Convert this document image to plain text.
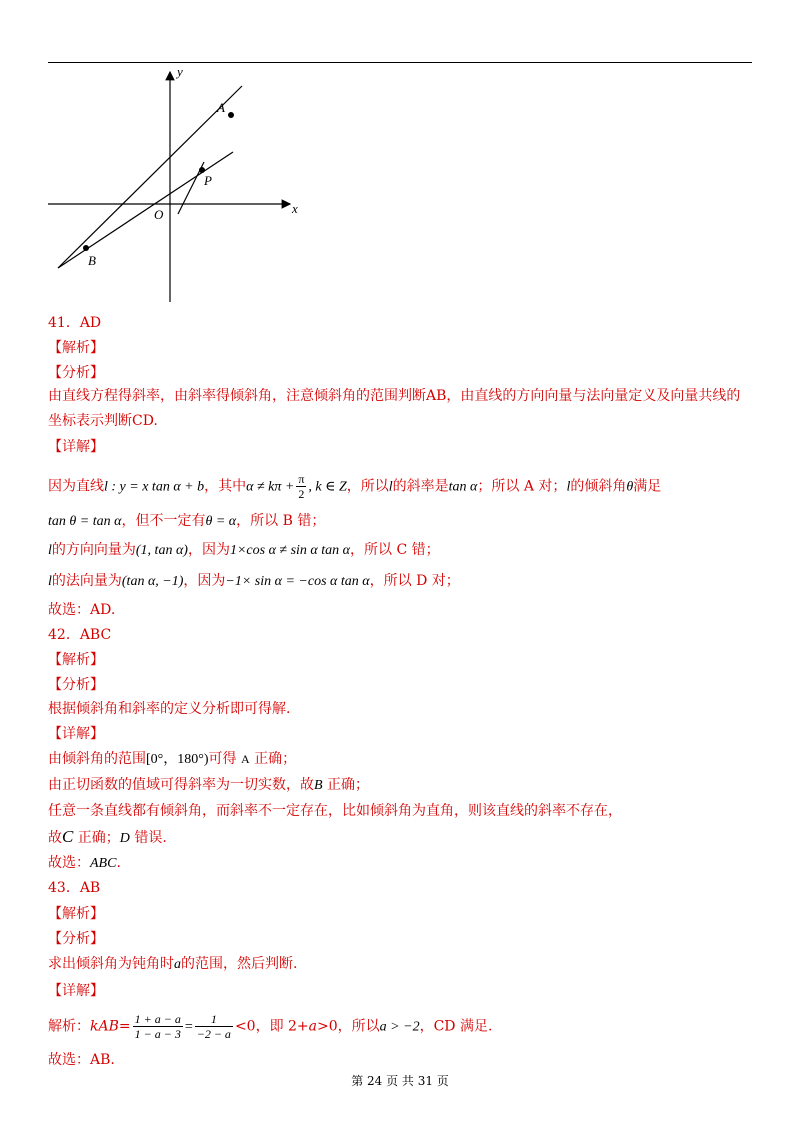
y
x
A
P
O
B
41．AD
【解析】
【分析】
由直线方程得斜率，由斜率得倾斜角，注意倾斜角的范围判断AB，由直线的方向向量与法向量定义及向量共线的
坐标表示判断CD.
【详解】
因为直线l : y = x tan α + b，其中$\alpha \ne k\pi + \frac{\pi}{2}$ , k ∈ Z，所以l的斜率是tan α；所以 A 对；l的倾斜角θ满足
tan θ = tan α，但不一定有θ = α，所以 B 错；
l的方向向量为(1, tan α)，因为1×cos α ≠ sin α tan α，所以 C 错；
l的法向量为(tan α, −1)，因为−1× sin α = −cos α tan α，所以 D 对；
故选：AD.
42．ABC
【解析】
【分析】
根据倾斜角和斜率的定义分析即可得解.
【详解】
由倾斜角的范围[0°，180°)可得 A 正确；
由正切函数的值域可得斜率为一切实数，故B 正确；
任意一条直线都有倾斜角，而斜率不一定存在，比如倾斜角为直角，则该直线的斜率不存在，
故C 正确；D 错误.
故选：ABC.
43．AB
【解析】
【分析】
求出倾斜角为钝角时a的范围，然后判断.
【详解】
解析：$kAB= \frac{1 + a - a}{1 - a - 3} = \frac{1}{-2 - a} <0$，即 2+a>0，所以a > −2，CD 满足.
故选：AB.
第 24 页 共 31 页
